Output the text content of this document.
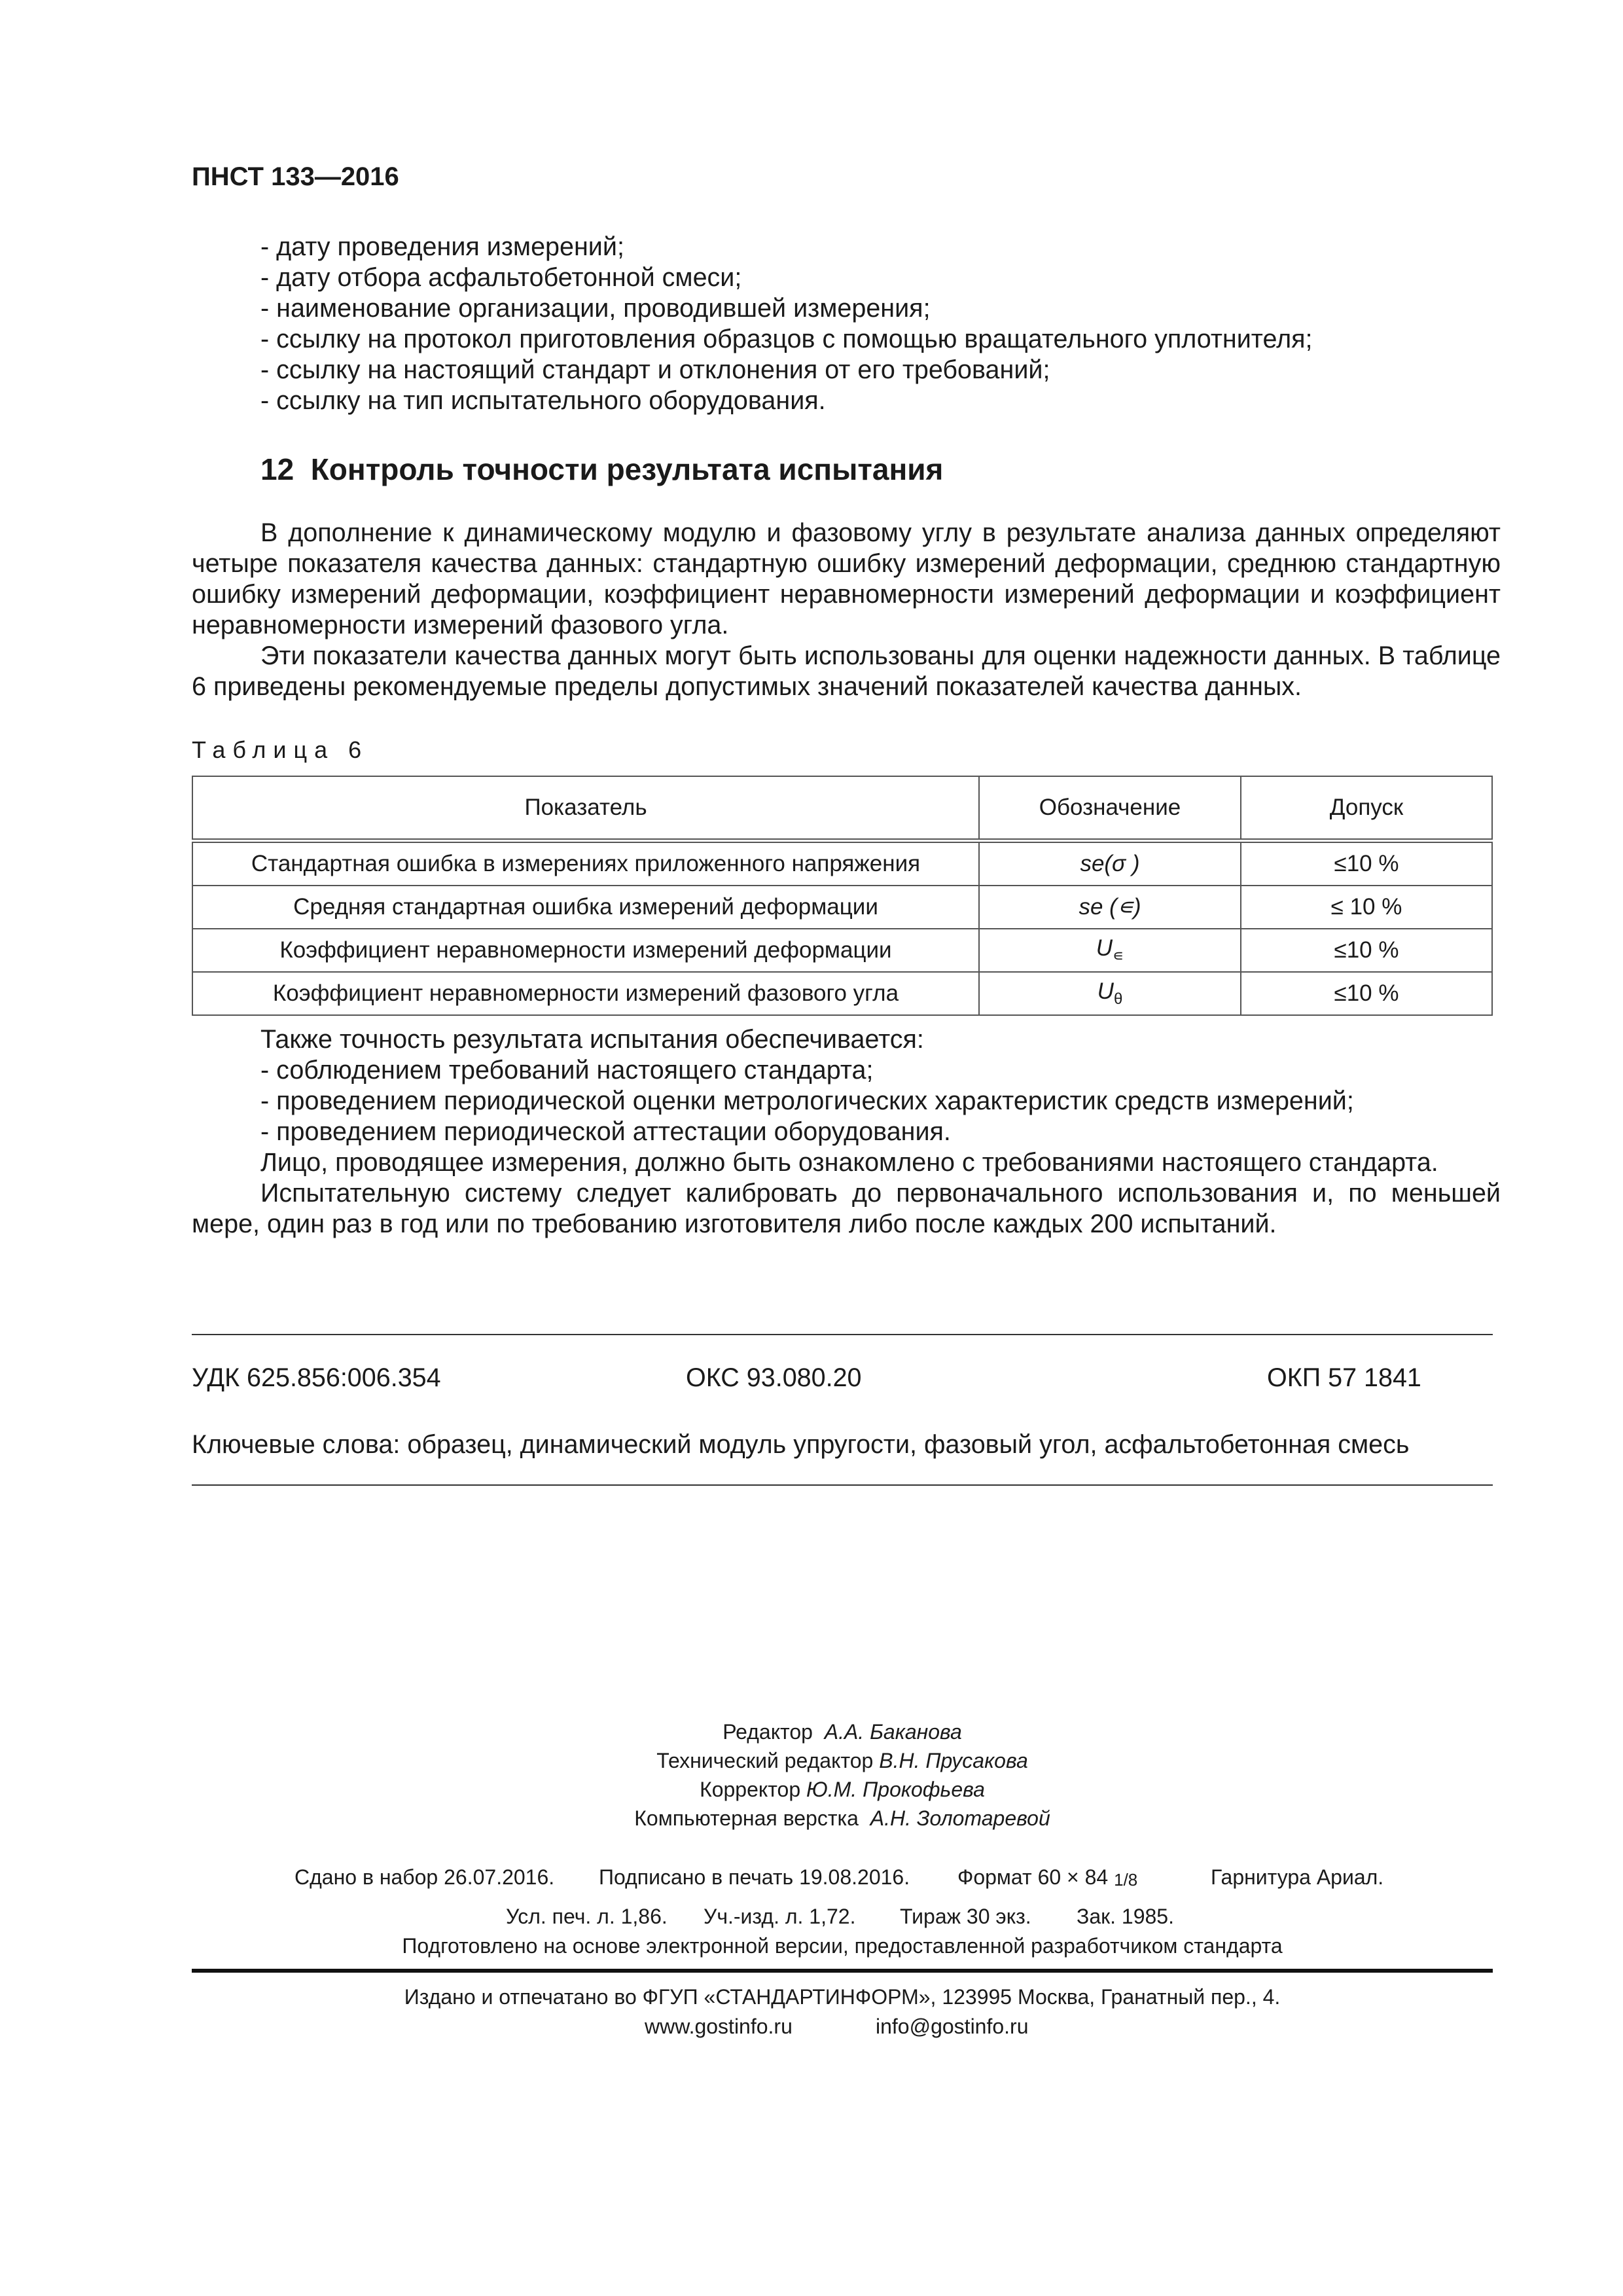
ПНСТ 133—2016
- дату проведения измерений;
- дату отбора асфальтобетонной смеси;
- наименование организации, проводившей измерения;
- ссылку на протокол приготовления образцов с помощью вращательного уплотнителя;
- ссылку на настоящий стандарт и отклонения от его требований;
- ссылку на тип испытательного оборудования.
12 Контроль точности результата испытания

В дополнение к динамическому модулю и фазовому углу в результате анализа данных определяют четыре показателя качества данных: стандартную ошибку измерений деформации, среднюю стандартную ошибку измерений деформации, коэффициент неравномерности измерений деформации и коэффициент неравномерности измерений фазового угла.

Эти показатели качества данных могут быть использованы для оценки надежности данных. В таблице 6 приведены рекомендуемые пределы допустимых значений показателей качества данных.

Таблица 6
Показатель	Обозначение	Допуск
Стандартная ошибка в измерениях приложенного напряжения	se(σ )	≤10 %
Средняя стандартная ошибка измерений деформации	se (∊)	≤ 10 %
Коэффициент неравномерности измерений деформации	$U_∊$	≤10 %
Коэффициент неравномерности измерений фазового угла	$U_\theta$	≤10 %
Также точность результата испытания обеспечивается:
- соблюдением требований настоящего стандарта;
- проведением периодической оценки метрологических характеристик средств измерений;
- проведением периодической аттестации оборудования.

Лицо, проводящее измерения, должно быть ознакомлено с требованиями настоящего стандарта.

Испытательную систему следует калибровать до первоначального использования и, по меньшей мере, один раз в год или по требованию изготовителя либо после каждых 200 испытаний.

УДК 625.856:006.354	ОКС 93.080.20	ОКП 57 1841
Ключевые слова: образец, динамический модуль упругости, фазовый угол, асфальтобетонная смесь
Редактор А.А. Баканова
Технический редактор В.Н. Прусакова
Корректор Ю.М. Прокофьева
Компьютерная верстка А.Н. Золотаревой
Сдано в набор 26.07.2016. Подписано в печать 19.08.2016. Формат 60 × 84 1/8	Гарнитура Ариал.
Усл. печ. л. 1,86. Уч.-изд. л. 1,72. Тираж 30 экз. Зак. 1985.
Подготовлено на основе электронной версии, предоставленной разработчиком стандарта
Издано и отпечатано во ФГУП «СТАНДАРТИНФОРМ», 123995 Москва, Гранатный пер., 4.
www.gostinfo.ru	info@gostinfo.ru
